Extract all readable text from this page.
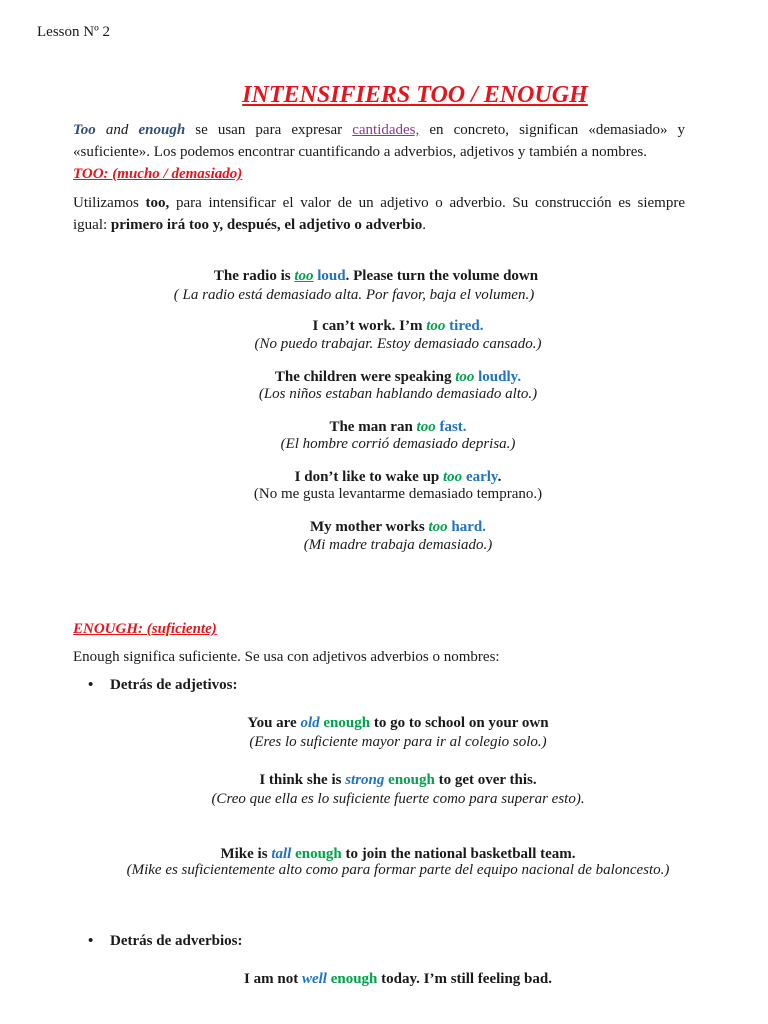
Lesson Nº 2
INTENSIFIERS TOO / ENOUGH
Too and enough se usan para expresar cantidades, en concreto, significan «demasiado» y
«suficiente». Los podemos encontrar cuantificando a adverbios, adjetivos y también a nombres.
TOO: (mucho / demasiado)
Utilizamos too, para intensificar el valor de un adjetivo o adverbio. Su construcción es siempre
igual: primero irá too y, después, el adjetivo o adverbio.
The radio is too loud. Please turn the volume down
( La radio está demasiado alta. Por favor, baja el volumen.)
I can’t work. I’m too tired.
(No puedo trabajar. Estoy demasiado cansado.)
The children were speaking too loudly.
(Los niños estaban hablando demasiado alto.)
The man ran too fast.
(El hombre corrió demasiado deprisa.)
I don’t like to wake up too early.
(No me gusta levantarme demasiado temprano.)
My mother works too hard.
(Mi madre trabaja demasiado.)
ENOUGH: (suficiente)
Enough significa suficiente. Se usa con adjetivos adverbios o nombres:
• Detrás de adjetivos:
You are old enough to go to school on your own
(Eres lo suficiente mayor para ir al colegio solo.)
I think she is strong enough to get over this.
(Creo que ella es lo suficiente fuerte como para superar esto).
Mike is tall enough to join the national basketball team.
(Mike es suficientemente alto como para formar parte del equipo nacional de baloncesto.)
• Detrás de adverbios:
I am not well enough today. I’m still feeling bad.
